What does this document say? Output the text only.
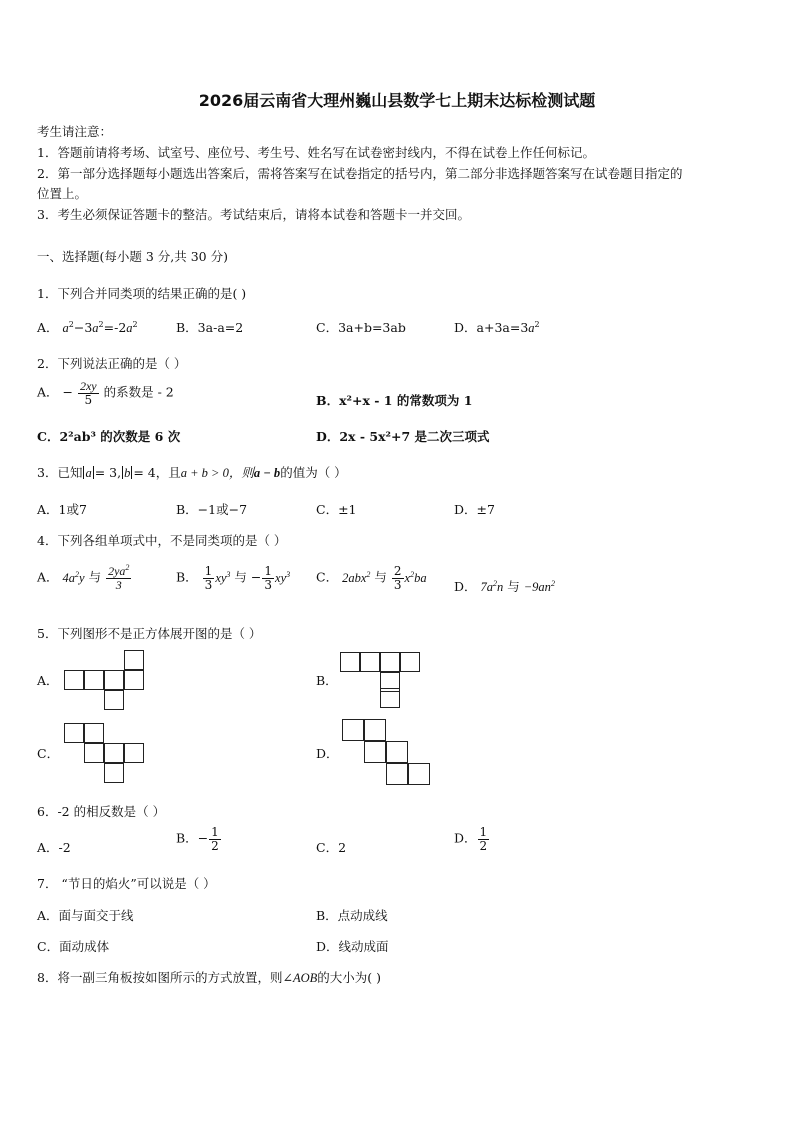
2026届云南省大理州巍山县数学七上期末达标检测试题
考生请注意：
1．答题前请将考场、试室号、座位号、考生号、姓名写在试卷密封线内，不得在试卷上作任何标记。
2．第一部分选择题每小题选出答案后，需将答案写在试卷指定的括号内，第二部分非选择题答案写在试卷题目指定的
位置上。
3．考生必须保证答题卡的整洁。考试结束后，请将本试卷和答题卡一并交回。
一、选择题(每小题 3 分,共 30 分)
1．下列合并同类项的结果正确的是( )
A． $a^2-3a^2=-2a^2$	B．3a-a=2	C．3a+b=3ab	D．$a+3a=3a^2$
2．下列说法正确的是（ ）
A． − $\frac{2xy}{5}$ 的系数是 - 2
B．x²+x - 1 的常数项为 1
C．2²ab³ 的次数是 6 次	D．2x - 5x²+7 是二次三项式
3．已知 a = 3, b = 4，且a + b > 0，则a − b的值为（ ）
A．1或7	B．−1或−7	C．±1	D．±7
4．下列各组单项式中，不是同类项的是（ ）
A． $4a^2y$ 与 $\frac{2ya^2}{3}$	B． $\frac{1}{3} xy^3$ 与 − $\frac{1}{3} xy^3$ C． 2abx$^2$ 与 $\frac{2}{3} x^2ba$
D． $7a^2n$ 与 $-9an^2$
5．下列图形不是正方体展开图的是（ ）
A．	B．
C．	D．
6．-2 的相反数是（ ）
A．-2
B．− $\frac{1}{2}$	C．2
D． $\frac{1}{2}$
7． “节日的焰火”可以说是（ ）
A．面与面交于线	B．点动成线
C．面动成体	D．线动成面
8．将一副三角板按如图所示的方式放置，则∠AOB的大小为( )
